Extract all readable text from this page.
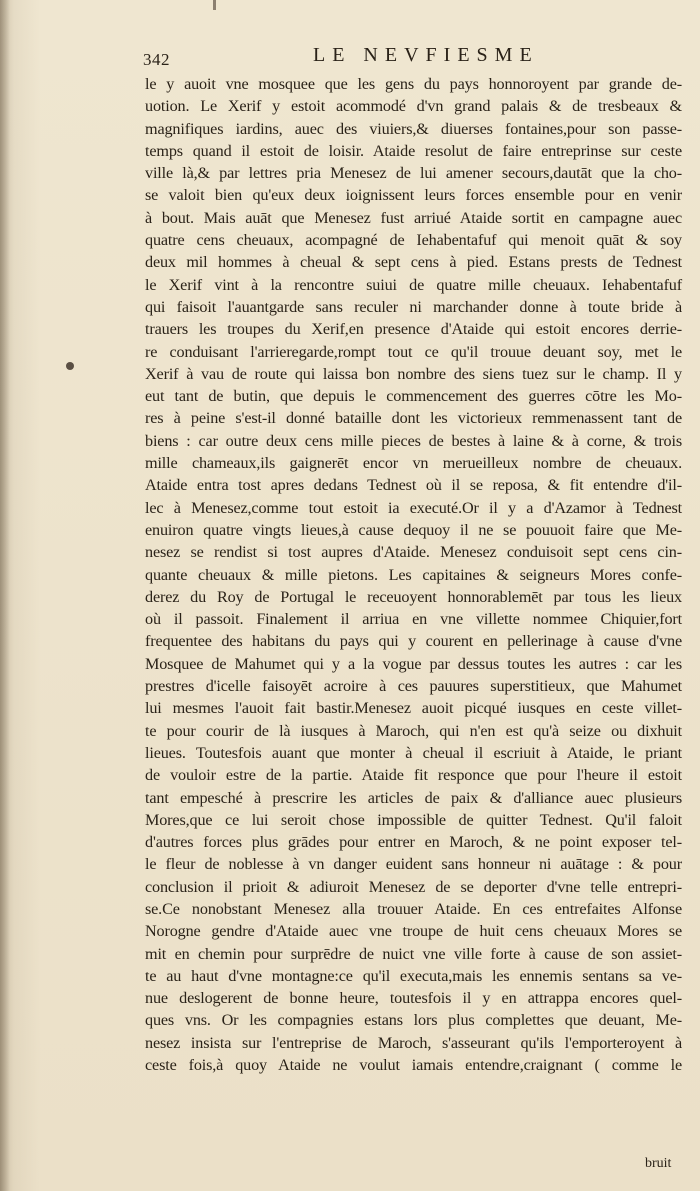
342	LE NEVFIESME
le y auoit vne mosquee que les gens du pays honnoroyent par grande de-
uotion. Le Xerif y estoit acommodé d'vn grand palais & de tresbeaux &
magnifiques iardins, auec des viuiers,& diuerses fontaines,pour son passe-
temps quand il estoit de loisir. Ataide resolut de faire entreprinse sur ceste
ville là,& par lettres pria Menesez de lui amener secours,dautāt que la cho-
se valoit bien qu'eux deux ioignissent leurs forces ensemble pour en venir
à bout. Mais auāt que Menesez fust arriué Ataide sortit en campagne auec
quatre cens cheuaux, acompagné de Iehabentafuf qui menoit quāt & soy
deux mil hommes à cheual & sept cens à pied. Estans prests de Tednest
le Xerif vint à la rencontre suiui de quatre mille cheuaux. Iehabentafuf
qui faisoit l'auantgarde sans reculer ni marchander donne à toute bride à
trauers les troupes du Xerif,en presence d'Ataide qui estoit encores derrie-
re conduisant l'arrieregarde,rompt tout ce qu'il trouue deuant soy, met le
Xerif à vau de route qui laissa bon nombre des siens tuez sur le champ. Il y
eut tant de butin, que depuis le commencement des guerres cōtre les Mo-
res à peine s'est-il donné bataille dont les victorieux remmenassent tant de
biens : car outre deux cens mille pieces de bestes à laine & à corne, & trois
mille chameaux,ils gaignerēt encor vn merueilleux nombre de cheuaux.
Ataide entra tost apres dedans Tednest où il se reposa, & fit entendre d'il-
lec à Menesez,comme tout estoit ia executé.Or il y a d'Azamor à Tednest
enuiron quatre vingts lieues,à cause dequoy il ne se pouuoit faire que Me-
nesez se rendist si tost aupres d'Ataide. Menesez conduisoit sept cens cin-
quante cheuaux & mille pietons. Les capitaines & seigneurs Mores confe-
derez du Roy de Portugal le receuoyent honnorablemēt par tous les lieux
où il passoit. Finalement il arriua en vne villette nommee Chiquier,fort
frequentee des habitans du pays qui y courent en pellerinage à cause d'vne
Mosquee de Mahumet qui y a la vogue par dessus toutes les autres : car les
prestres d'icelle faisoyēt acroire à ces pauures superstitieux, que Mahumet
lui mesmes l'auoit fait bastir.Menesez auoit picqué iusques en ceste villet-
te pour courir de là iusques à Maroch, qui n'en est qu'à seize ou dixhuit
lieues. Toutesfois auant que monter à cheual il escriuit à Ataide, le priant
de vouloir estre de la partie. Ataide fit responce que pour l'heure il estoit
tant empesché à prescrire les articles de paix & d'alliance auec plusieurs
Mores,que ce lui seroit chose impossible de quitter Tednest. Qu'il faloit
d'autres forces plus grādes pour entrer en Maroch, & ne point exposer tel-
le fleur de noblesse à vn danger euident sans honneur ni auātage : & pour
conclusion il prioit & adiuroit Menesez de se deporter d'vne telle entrepri-
se.Ce nonobstant Menesez alla trouuer Ataide. En ces entrefaites Alfonse
Norogne gendre d'Ataide auec vne troupe de huit cens cheuaux Mores se
mit en chemin pour surprēdre de nuict vne ville forte à cause de son assiet-
te au haut d'vne montagne:ce qu'il executa,mais les ennemis sentans sa ve-
nue deslogerent de bonne heure, toutesfois il y en attrappa encores quel-
ques vns. Or les compagnies estans lors plus complettes que deuant, Me-
nesez insista sur l'entreprise de Maroch, s'asseurant qu'ils l'emporteroyent à
ceste fois,à quoy Ataide ne voulut iamais entendre,craignant ( comme le
bruit
